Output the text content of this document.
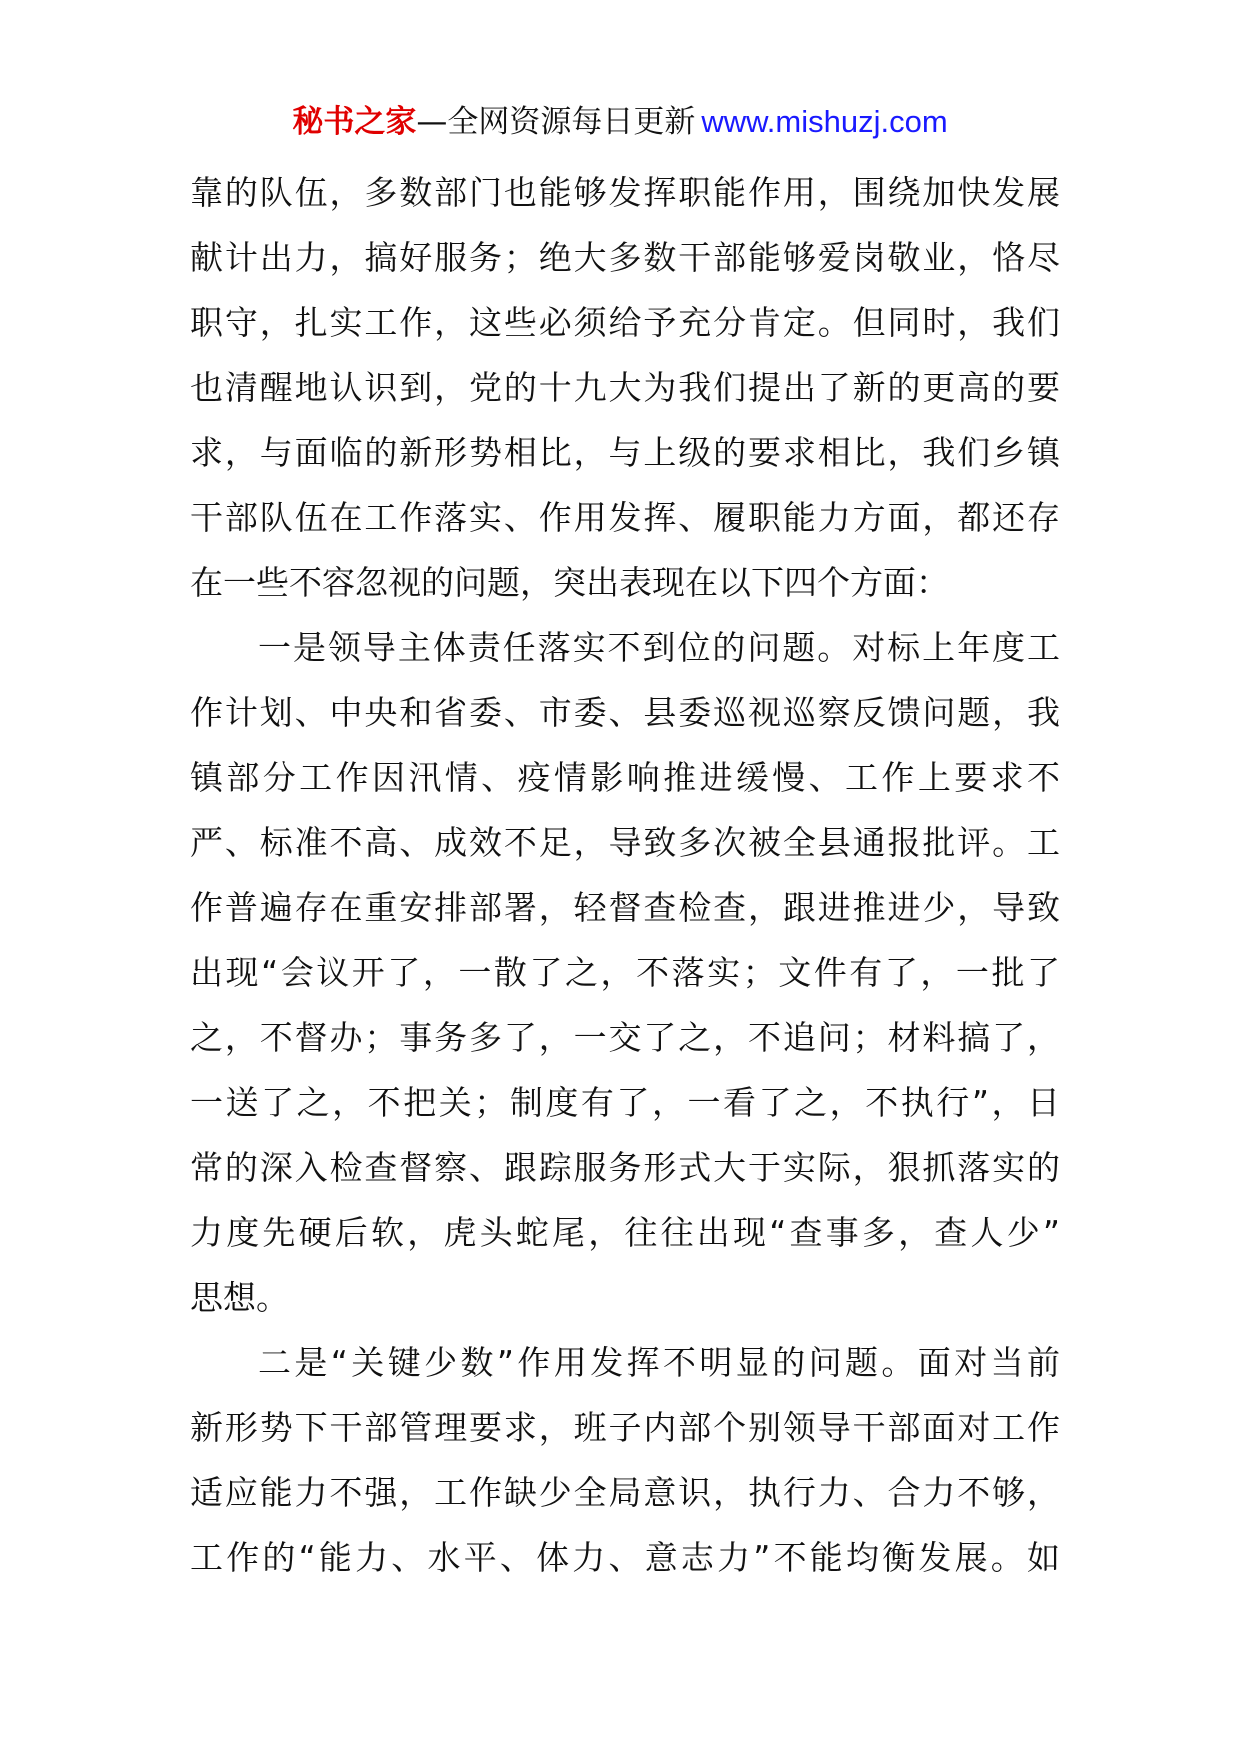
秘书之家—全网资源每日更新 www.mishuzj.com
靠的队伍，多数部门也能够发挥职能作用，围绕加快发展
献计出力，搞好服务；绝大多数干部能够爱岗敬业，恪尽
职守，扎实工作，这些必须给予充分肯定。但同时，我们
也清醒地认识到，党的十九大为我们提出了新的更高的要
求，与面临的新形势相比，与上级的要求相比，我们乡镇
干部队伍在工作落实、作用发挥、履职能力方面，都还存
在一些不容忽视的问题，突出表现在以下四个方面：
一是领导主体责任落实不到位的问题。对标上年度工
作计划、中央和省委、市委、县委巡视巡察反馈问题，我
镇部分工作因汛情、疫情影响推进缓慢、工作上要求不
严、标准不高、成效不足，导致多次被全县通报批评。工
作普遍存在重安排部署，轻督查检查，跟进推进少，导致
出现“会议开了，一散了之，不落实；文件有了，一批了
之，不督办；事务多了，一交了之，不追问；材料搞了，
一送了之，不把关；制度有了，一看了之，不执行”，日
常的深入检查督察、跟踪服务形式大于实际，狠抓落实的
力度先硬后软，虎头蛇尾，往往出现“查事多，查人少”
思想。
二是“关键少数”作用发挥不明显的问题。面对当前
新形势下干部管理要求，班子内部个别领导干部面对工作
适应能力不强，工作缺少全局意识，执行力、合力不够，
工作的“能力、水平、体力、意志力”不能均衡发展。如
